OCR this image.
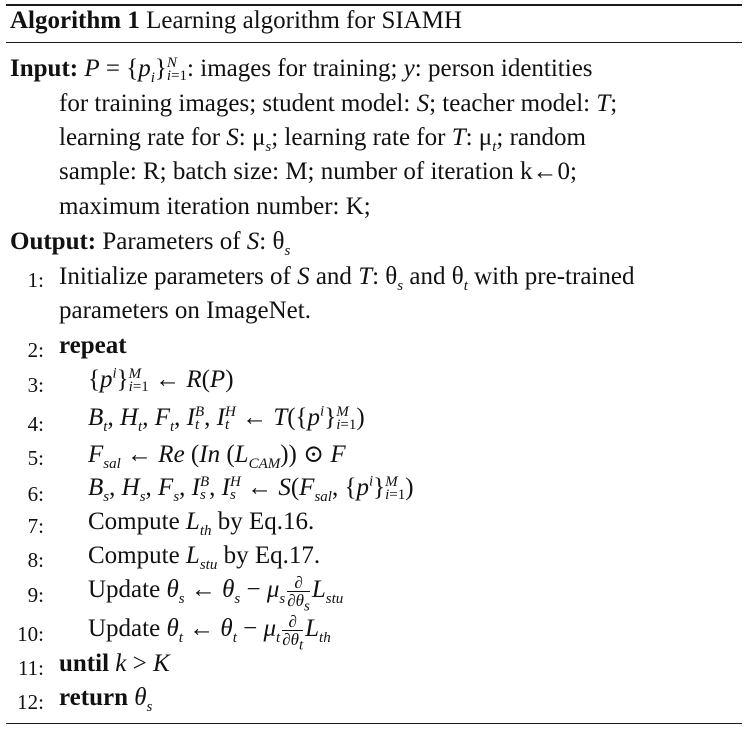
Algorithm 1 Learning algorithm for SIAMH
Input: $P = \{p_i\}$ N
i=1 : images for training; y: person identities
for training images; student model: S; teacher model: T;
learning rate for S: $\mu_s$; learning rate for T: $\mu_t$; random
sample: R; batch size: M; number of iteration k←0;
maximum iteration number: K;
Output: Parameters of S: $\theta_s$
1: Initialize parameters of S and T: $\theta_s$ and $\theta_t$ with pre-trained
parameters on ImageNet.
2: repeat
3: $\{p^i\}$ M
i=1 ← R(P)
4: $B_t$, $H_t$, $F_t$, I B
t , I H
t ← $T(\{p^i\}$ M
i=1 )
5: $F_{sal}$ ← Re (In $(L_{CAM})$) ⊙ F
6: $B_s$, $H_s$, $F_s$, I B
s , I H
s ← $S(F_{sal}$, $\{p^i\}$ M
i=1 )
7: Compute $L_{th}$ by Eq.16.
8: Compute $L_{stu}$ by Eq.17.
9: Update $\theta_s$ ← $\theta_s - \mu_s \frac{\partial}{\partial\theta_s} L_{stu}$
10: Update $\theta_t$ ← $\theta_t - \mu_t \frac{\partial}{\partial\theta_t} L_{th}$
11: until k > K
12: return $\theta_s$
